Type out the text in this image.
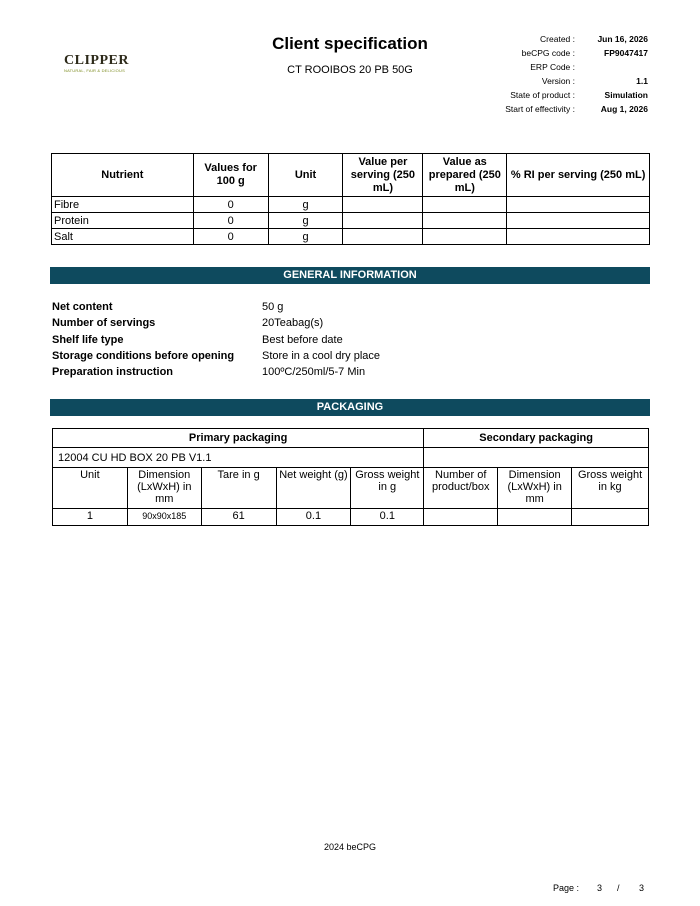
CLIPPER
NATURAL, FAIR & DELICIOUS
Client specification
CT ROOIBOS 20 PB 50G
Created :	Jun 16, 2026
beCPG code :	FP9047417
ERP Code :
Version :	1.1
State of product :	Simulation
Start of effectivity :	Aug 1, 2026
Nutrient	Values for 100 g	Unit	Value per serving (250 mL)	Value as prepared (250 mL)	% RI per serving (250 mL)
Fibre	0	g			
Protein	0	g			
Salt	0	g			
GENERAL INFORMATION
Net content	50 g
Number of servings	20Teabag(s)
Shelf life type	Best before date
Storage conditions before opening	Store in a cool dry place
Preparation instruction	100ºC/250ml/5-7 Min
PACKAGING
Primary packaging					Secondary packaging		
12004 CU HD BOX 20 PB V1.1							
Unit	Dimension (LxWxH) in mm	Tare in g	Net weight (g)	Gross weight in g	Number of product/box	Dimension (LxWxH) in mm	Gross weight in kg
1	90x90x185	61	0.1	0.1			
2024 beCPG
Page :	3	/	3
